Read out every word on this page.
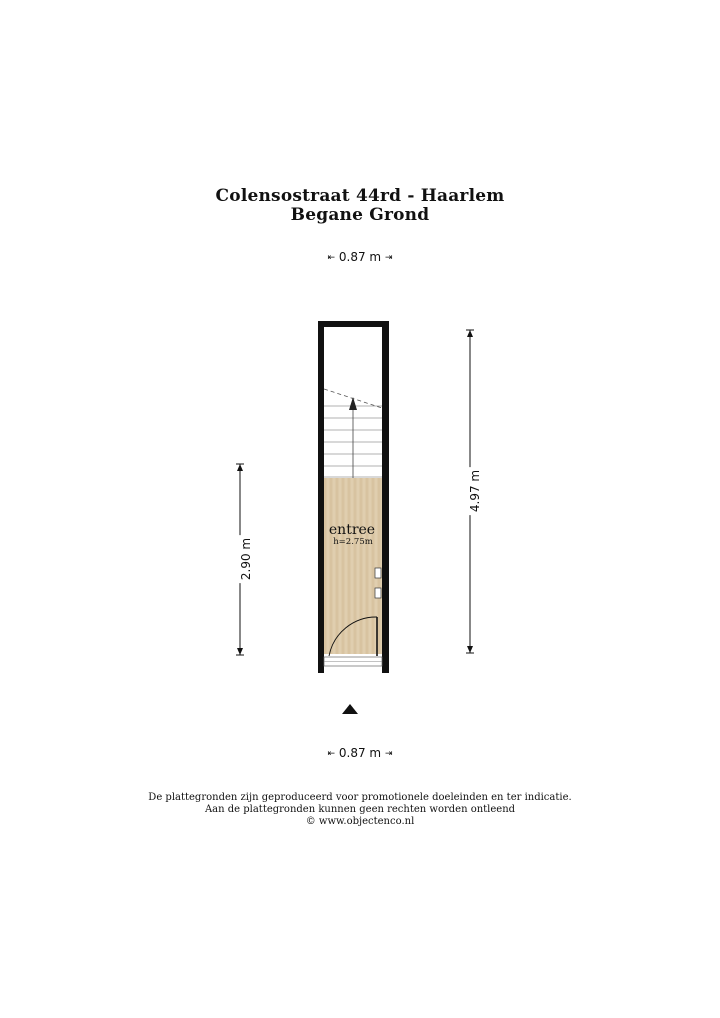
Colensostraat 44rd - Haarlem
Begane Grond
⇤ 0.87 m ⇥
4.97 m
2.90 m
entree
h=2.75m
⇤ 0.87 m ⇥
De plattegronden zijn geproduceerd voor promotionele doeleinden en ter indicatie.
Aan de plattegronden kunnen geen rechten worden ontleend
© www.objectenco.nl
